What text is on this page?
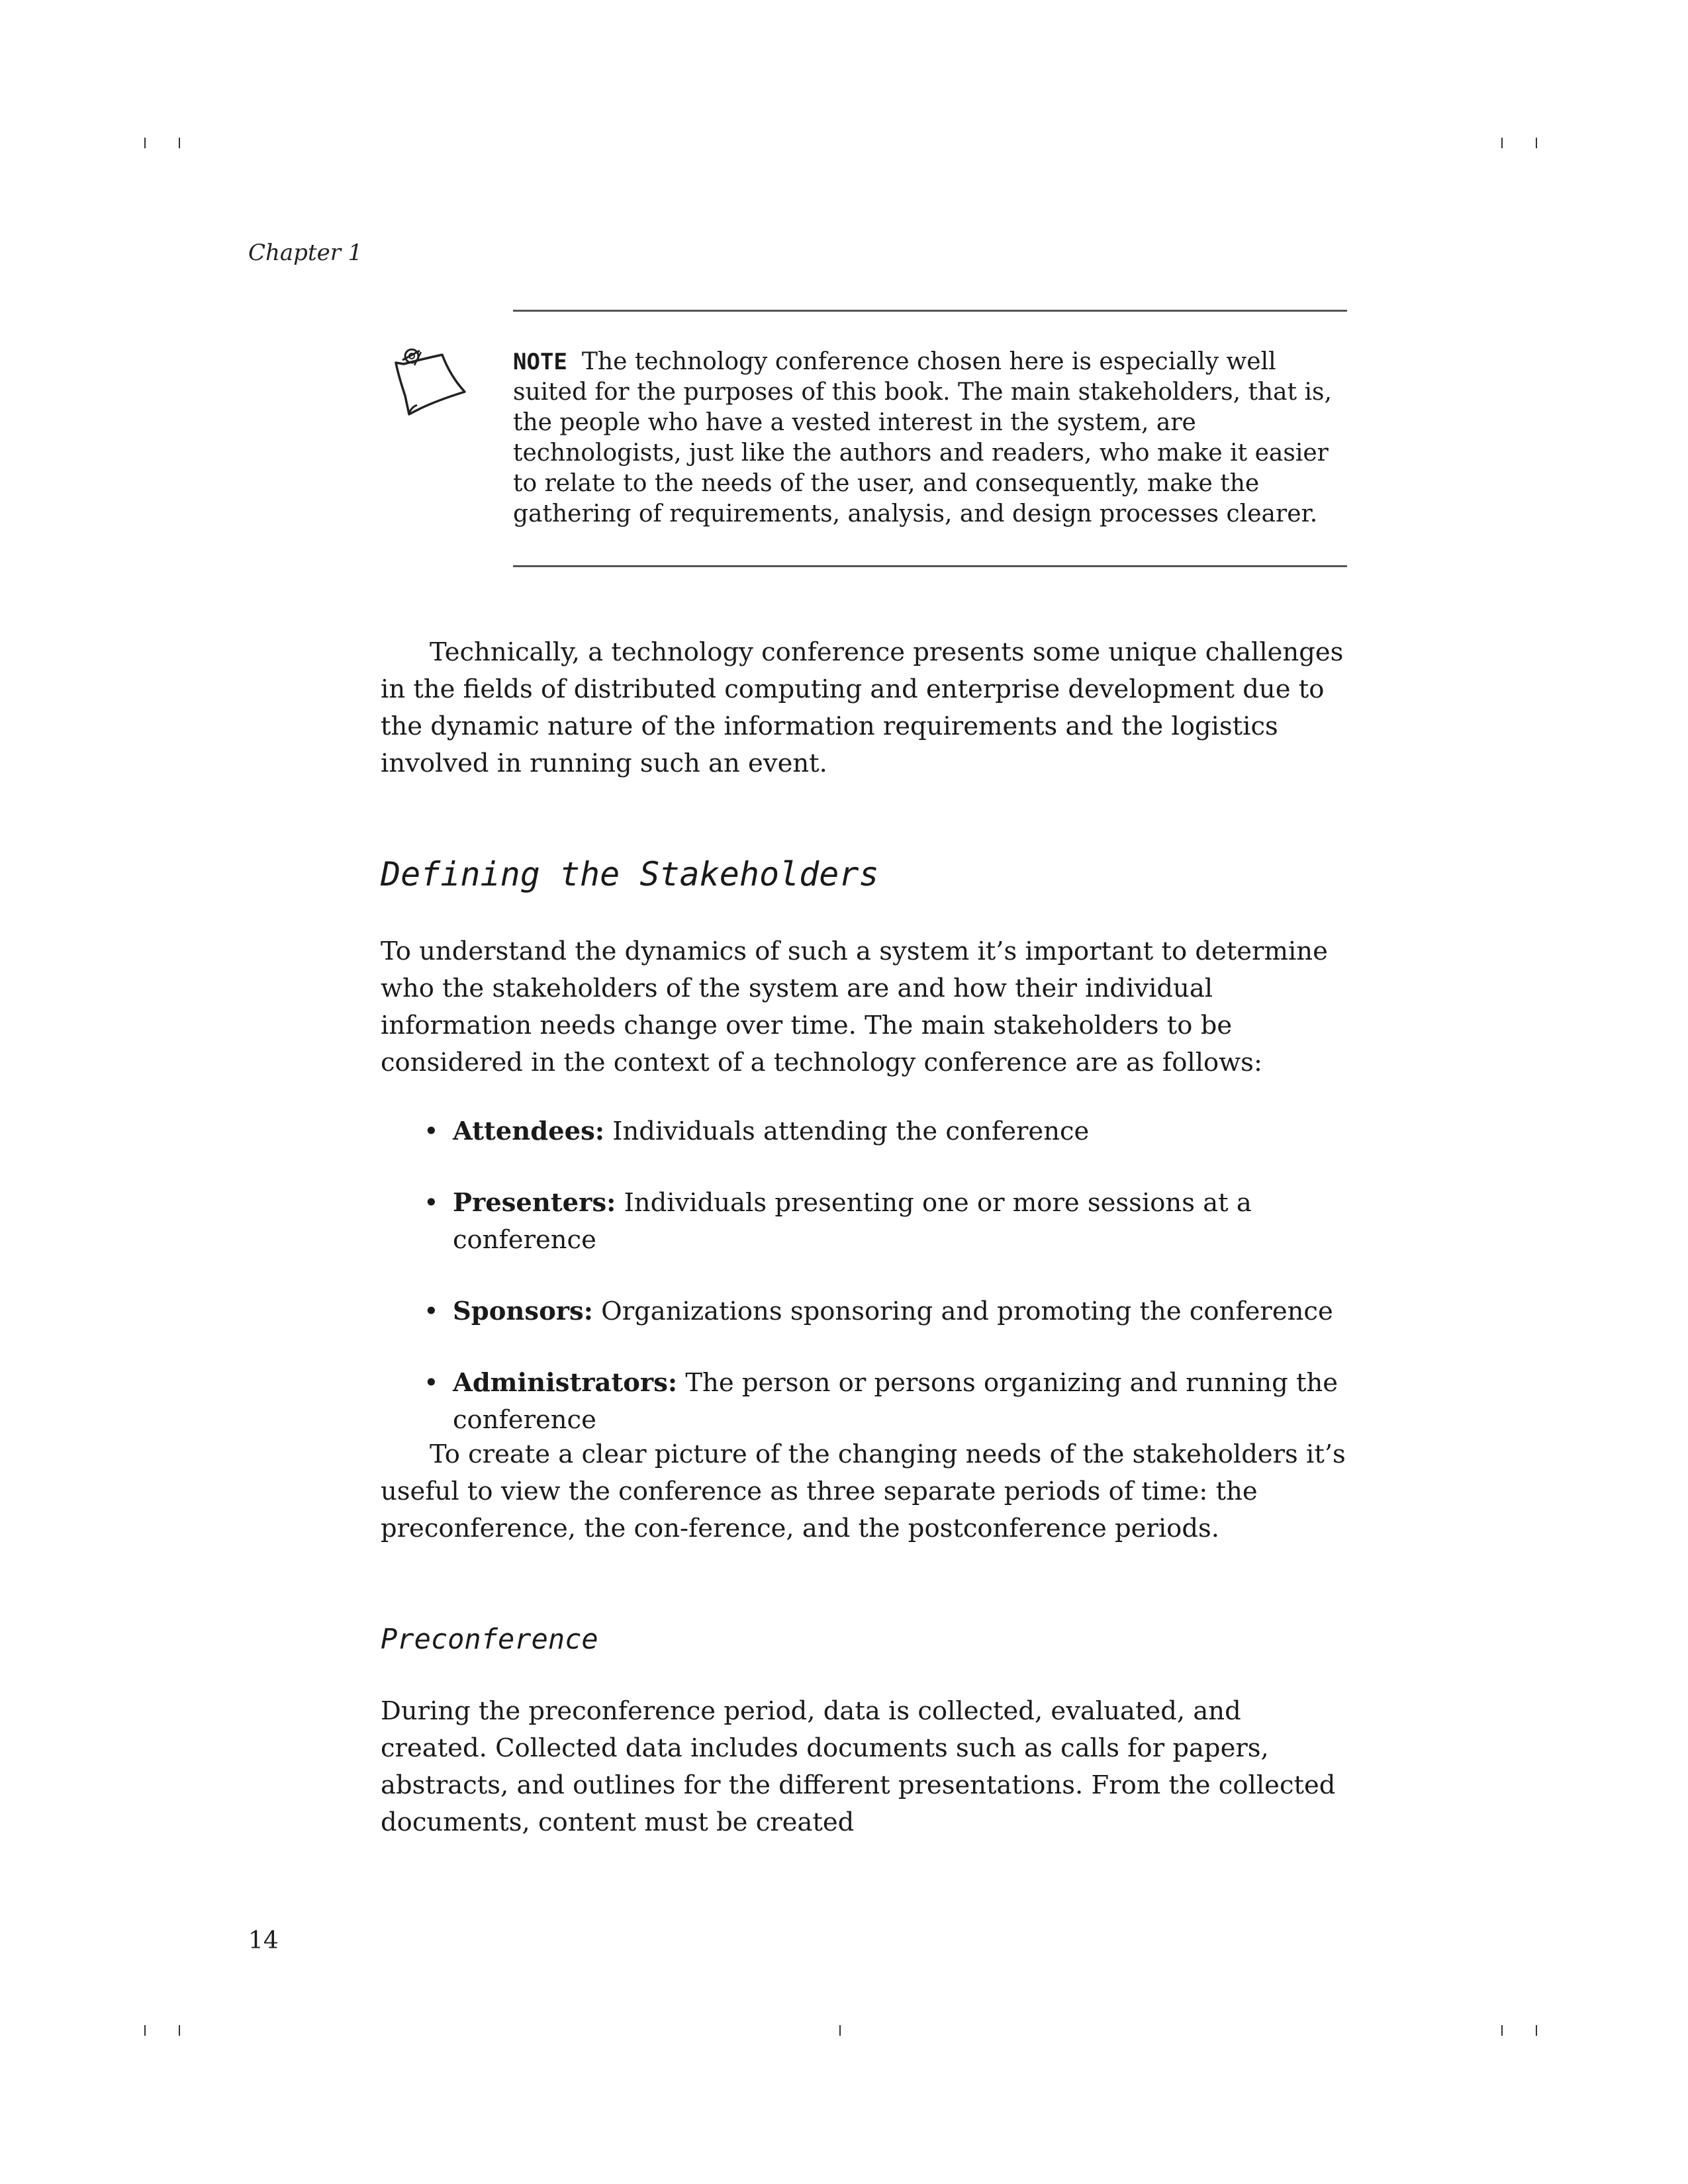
Chapter 1
NOTE The technology conference chosen here is especially well suited for the purposes of this book. The main stakeholders, that is, the people who have a vested interest in the system, are technologists, just like the authors and readers, who make it easier to relate to the needs of the user, and consequently, make the gathering of requirements, analysis, and design processes clearer.

Technically, a technology conference presents some unique challenges in the fields of distributed computing and enterprise development due to the dynamic nature of the information requirements and the logistics involved in running such an event.

Defining the Stakeholders

To understand the dynamics of such a system it’s important to determine who the stakeholders of the system are and how their individual information needs change over time. The main stakeholders to be considered in the context of a technology conference are as follows:

• Attendees: Individuals attending the conference
• Presenters: Individuals presenting one or more sessions at a conference
• Sponsors: Organizations sponsoring and promoting the conference
• Administrators: The person or persons organizing and running the conference

To create a clear picture of the changing needs of the stakeholders it’s useful to view the conference as three separate periods of time: the preconference, the con-ference, and the postconference periods.

Preconference

During the preconference period, data is collected, evaluated, and created. Collected data includes documents such as calls for papers, abstracts, and outlines for the different presentations. From the collected documents, content must be created

14
